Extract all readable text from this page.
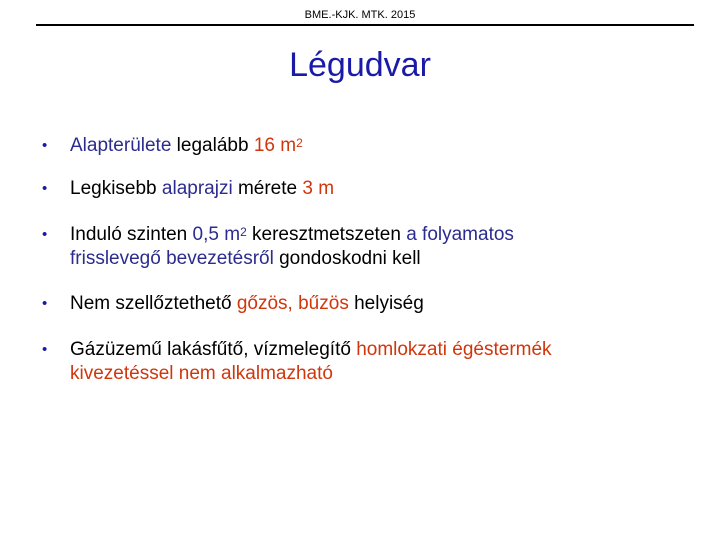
BME.-KJK. MTK. 2015
Légudvar
• Alapterülete legalább 16 $m^2$
• Legkisebb alaprajzi mérete 3 m
• Induló szinten 0,5 $m^2$ keresztmetszeten a folyamatos
frisslevegő bevezetésről gondoskodni kell
• Nem szellőztethető gőzös, bűzös helyiség
• Gázüzemű lakásfűtő, vízmelegítő homlokzati égéstermék
kivezetéssel nem alkalmazható
